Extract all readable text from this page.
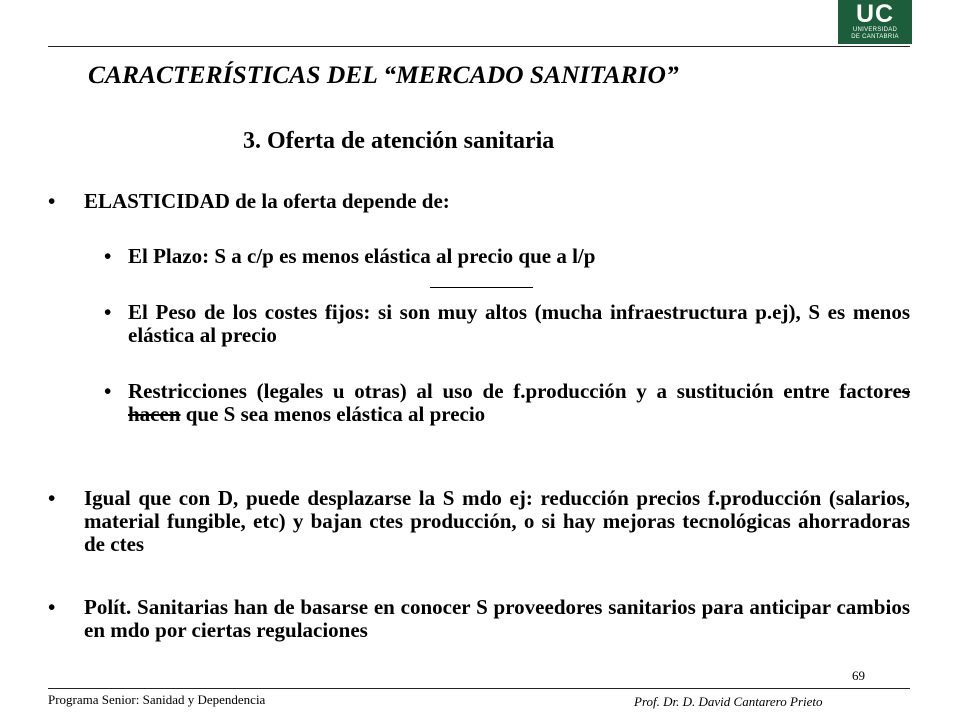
UC
UNIVERSIDAD
DE CANTABRIA
CARACTERÍSTICAS DEL “MERCADO SANITARIO”
3. Oferta de atención sanitaria
• ELASTICIDAD de la oferta depende de:
• El Plazo: S a c/p es menos elástica al precio que a l/p
• El Peso de los costes fijos: si son muy altos (mucha infraestructura p.ej), S es menos elástica al precio
• Restricciones (legales u otras) al uso de f.producción y a sustitución entre factores hacen que S sea menos elástica al precio
• Igual que con D, puede desplazarse la S mdo ej: reducción precios f.producción (salarios, material fungible, etc) y bajan ctes producción, o si hay mejoras tecnológicas ahorradoras de ctes
• Polít. Sanitarias han de basarse en conocer S proveedores sanitarios para anticipar cambios en mdo por ciertas regulaciones
69
Programa Senior: Sanidad y Dependencia	Prof. Dr. D. David Cantarero Prieto
